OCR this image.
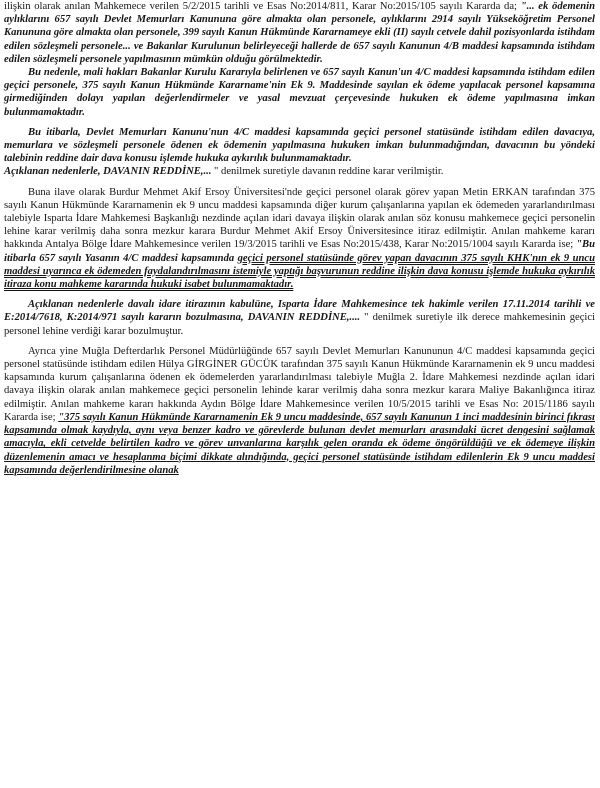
ilişkin olarak anılan Mahkemece verilen 5/2/2015 tarihli ve Esas No:2014/811, Karar No:2015/105 sayılı Kararda da; "... ek ödemenin aylıklarını 657 sayılı Devlet Memurları Kanununa göre almakta olan personele, aylıklarını 2914 sayılı Yükseköğretim Personel Kanununa göre almakta olan personele, 399 sayılı Kanun Hükmünde Kararnameye ekli (II) sayılı cetvele dahil pozisyonlarda istihdam edilen sözleşmeli personele... ve Bakanlar Kurulunun belirleyeceği hallerde de 657 sayılı Kanunun 4/B maddesi kapsamında istihdam edilen sözleşmeli personele yapılmasının mümkün olduğu görülmektedir.

Bu nedenle, mali hakları Bakanlar Kurulu Kararıyla belirlenen ve 657 sayılı Kanun'un 4/C maddesi kapsamında istihdam edilen geçici personele, 375 sayılı Kanun Hükmünde Kararname'nin Ek 9. Maddesinde sayılan ek ödeme yapılacak personel kapsamına girmediğinden dolayı yapılan değerlendirmeler ve yasal mevzuat çerçevesinde hukuken ek ödeme yapılmasına imkan bulunmamaktadır.

Bu itibarla, Devlet Memurları Kanunu'nun 4/C maddesi kapsamında geçici personel statüsünde istihdam edilen davacıya, memurlara ve sözleşmeli personele ödenen ek ödemenin yapılmasına hukuken imkan bulunmadığından, davacının bu yöndeki talebinin reddine dair dava konusu işlemde hukuka aykırılık bulunmamaktadır.

Açıklanan nedenlerle, DAVANIN REDDİNE,... " denilmek suretiyle davanın reddine karar verilmiştir.

Buna ilave olarak Burdur Mehmet Akif Ersoy Üniversitesi'nde geçici personel olarak görev yapan Metin ERKAN tarafından 375 sayılı Kanun Hükmünde Kararnamenin ek 9 uncu maddesi kapsamında diğer kurum çalışanlarına yapılan ek ödemeden yararlandırılması talebiyle Isparta İdare Mahkemesi Başkanlığı nezdinde açılan idari davaya ilişkin olarak anılan söz konusu mahkemece geçici personelin lehine karar verilmiş daha sonra mezkur karara Burdur Mehmet Akif Ersoy Üniversitesince itiraz edilmiştir. Anılan mahkeme kararı hakkında Antalya Bölge İdare Mahkemesince verilen 19/3/2015 tarihli ve Esas No:2015/438, Karar No:2015/1004 sayılı Kararda ise; "Bu itibarla 657 sayılı Yasanın 4/C maddesi kapsamında geçici personel statüsünde görev yapan davacının 375 sayılı KHK'nın ek 9 uncu maddesi uyarınca ek ödemeden faydalandırılmasını istemiyle yaptığı başvurunun reddine ilişkin dava konusu işlemde hukuka aykırılık itiraza konu mahkeme kararında hukuki isabet bulunmamaktadır.

Açıklanan nedenlerle davalı idare itirazının kabulüne, Isparta İdare Mahkemesince tek hakimle verilen 17.11.2014 tarihli ve E:2014/7618, K:2014/971 sayılı kararın bozulmasına, DAVANIN REDDİNE,.... " denilmek suretiyle ilk derece mahkemesinin geçici personel lehine verdiği karar bozulmuştur.

Ayrıca yine Muğla Defterdarlık Personel Müdürlüğünde 657 sayılı Devlet Memurları Kanununun 4/C maddesi kapsamında geçici personel statüsünde istihdam edilen Hülya GİRGİNER GÜCÜK tarafından 375 sayılı Kanun Hükmünde Kararnamenin ek 9 uncu maddesi kapsamında kurum çalışanlarına ödenen ek ödemelerden yararlandırılması talebiyle Muğla 2. İdare Mahkemesi nezdinde açılan idari davaya ilişkin olarak anılan mahkemece geçici personelin lehinde karar verilmiş daha sonra mezkur karara Maliye Bakanlığınca itiraz edilmiştir. Anılan mahkeme kararı hakkında Aydın Bölge İdare Mahkemesince verilen 10/5/2015 tarihli ve Esas No: 2015/1186 sayılı Kararda ise; "375 sayılı Kanun Hükmünde Kararnamenin Ek 9 uncu maddesinde, 657 sayılı Kanunun 1 inci maddesinin birinci fıkrası kapsamında olmak kaydıyla, aynı veya benzer kadro ve görevlerde bulunan devlet memurları arasındaki ücret dengesini sağlamak amacıyla, ekli cetvelde belirtilen kadro ve görev unvanlarına karşılık gelen oranda ek ödeme öngörüldüğü ve ek ödemeye ilişkin düzenlemenin amacı ve hesaplanma biçimi dikkate alındığında, geçici personel statüsünde istihdam edilenlerin Ek 9 uncu maddesi kapsamında değerlendirilmesine olanak
